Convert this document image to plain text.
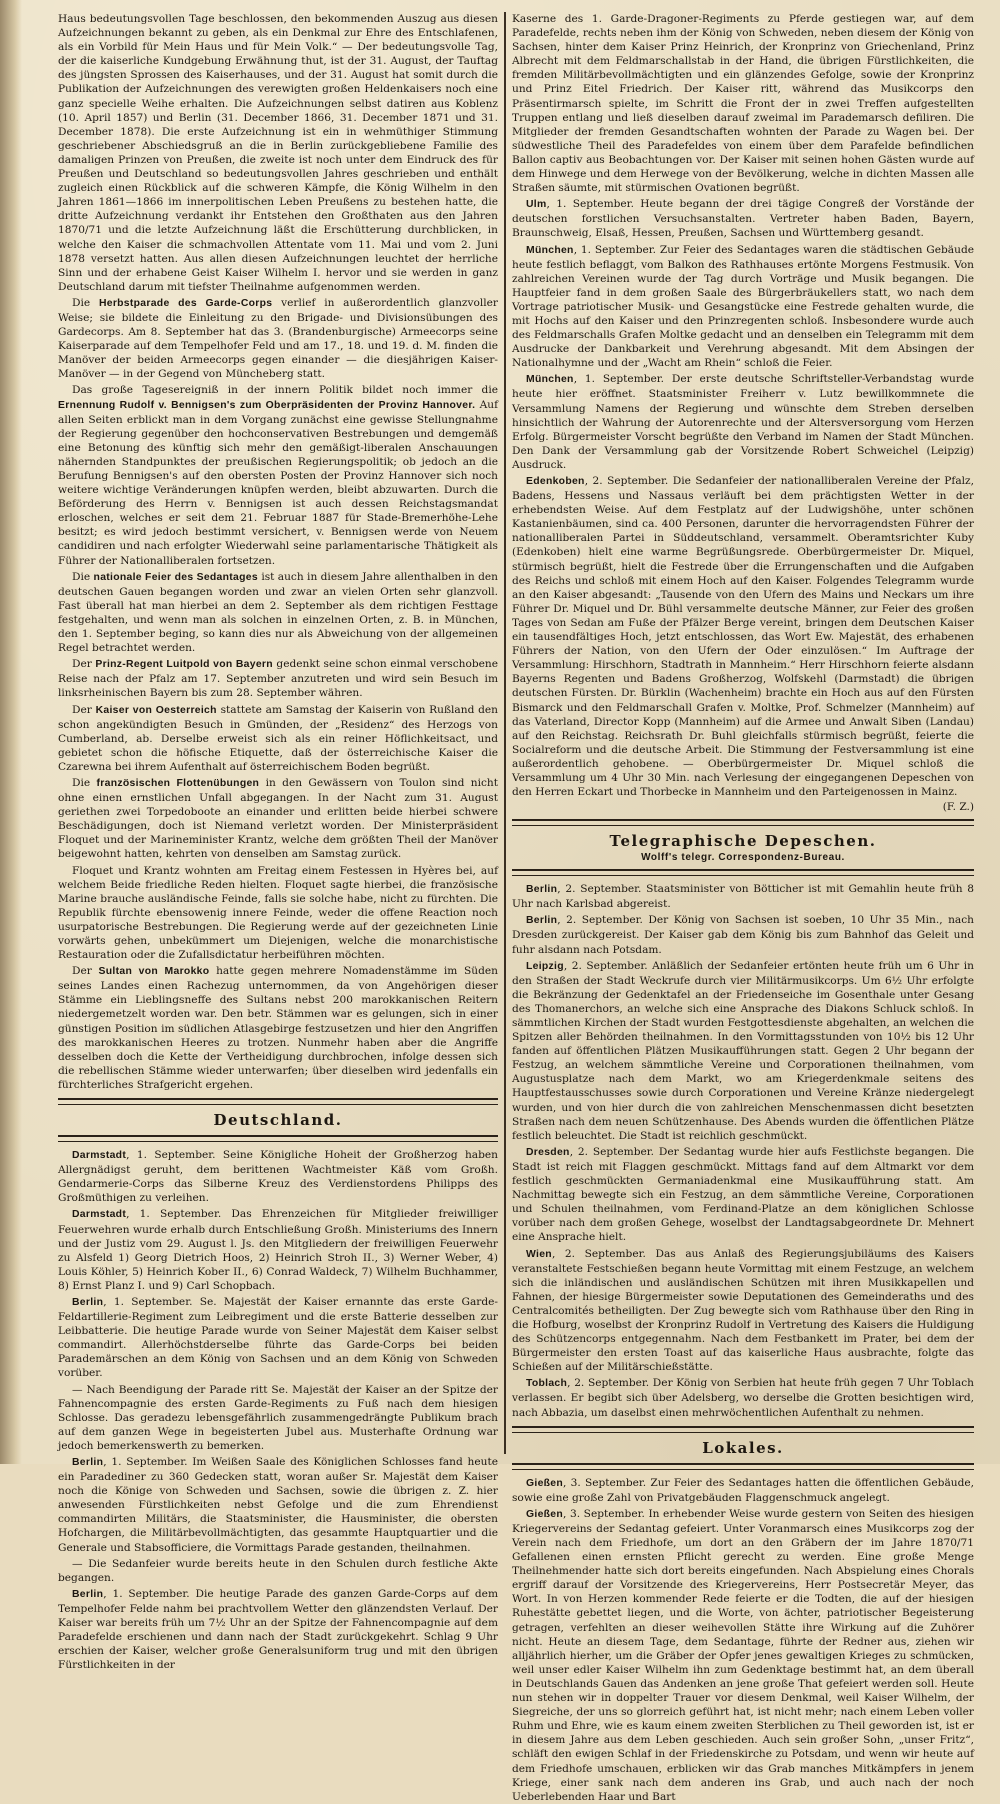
Haus bedeutungsvollen Tage beschlossen, den bekommenden Auszug aus diesen Aufzeichnungen bekannt zu geben, als ein Denkmal zur Ehre des Entschlafenen, als ein Vorbild für Mein Haus und für Mein Volk.“ — Der bedeutungsvolle Tag, der die kaiserliche Kundgebung Erwähnung thut, ist der 31. August, der Tauftag des jüngsten Sprossen des Kaiserhauses, und der 31. August hat somit durch die Publikation der Aufzeichnungen des verewigten großen Heldenkaisers noch eine ganz specielle Weihe erhalten. Die Aufzeichnungen selbst datiren aus Koblenz (10. April 1857) und Berlin (31. December 1866, 31. December 1871 und 31. December 1878). Die erste Aufzeichnung ist ein in wehmüthiger Stimmung geschriebener Abschiedsgruß an die in Berlin zurückgebliebene Familie des damaligen Prinzen von Preußen, die zweite ist noch unter dem Eindruck des für Preußen und Deutschland so bedeutungsvollen Jahres geschrieben und enthält zugleich einen Rückblick auf die schweren Kämpfe, die König Wilhelm in den Jahren 1861—1866 im innerpolitischen Leben Preußens zu bestehen hatte, die dritte Aufzeichnung verdankt ihr Entstehen den Großthaten aus den Jahren 1870/71 und die letzte Aufzeichnung läßt die Erschütterung durchblicken, in welche den Kaiser die schmachvollen Attentate vom 11. Mai und vom 2. Juni 1878 versetzt hatten. Aus allen diesen Aufzeichnungen leuchtet der herrliche Sinn und der erhabene Geist Kaiser Wilhelm I. hervor und sie werden in ganz Deutschland darum mit tiefster Theilnahme aufgenommen werden.

Die Herbstparade des Garde-Corps verlief in außerordentlich glanzvoller Weise; sie bildete die Einleitung zu den Brigade- und Divisionsübungen des Gardecorps. Am 8. September hat das 3. (Brandenburgische) Armeecorps seine Kaiserparade auf dem Tempelhofer Feld und am 17., 18. und 19. d. M. finden die Manöver der beiden Armeecorps gegen einander — die diesjährigen Kaiser-Manöver — in der Gegend von Müncheberg statt.

Das große Tagesereigniß in der innern Politik bildet noch immer die Ernennung Rudolf v. Bennigsen's zum Oberpräsidenten der Provinz Hannover. Auf allen Seiten erblickt man in dem Vorgang zunächst eine gewisse Stellungnahme der Regierung gegenüber den hochconservativen Bestrebungen und demgemäß eine Betonung des künftig sich mehr den gemäßigt-liberalen Anschauungen nähernden Standpunktes der preußischen Regierungspolitik; ob jedoch an die Berufung Bennigsen's auf den obersten Posten der Provinz Hannover sich noch weitere wichtige Veränderungen knüpfen werden, bleibt abzuwarten. Durch die Beförderung des Herrn v. Bennigsen ist auch dessen Reichstagsmandat erloschen, welches er seit dem 21. Februar 1887 für Stade-Bremerhöhe-Lehe besitzt; es wird jedoch bestimmt versichert, v. Bennigsen werde von Neuem candidiren und nach erfolgter Wiederwahl seine parlamentarische Thätigkeit als Führer der Nationalliberalen fortsetzen.

Die nationale Feier des Sedantages ist auch in diesem Jahre allenthalben in den deutschen Gauen begangen worden und zwar an vielen Orten sehr glanzvoll. Fast überall hat man hierbei an dem 2. September als dem richtigen Festtage festgehalten, und wenn man als solchen in einzelnen Orten, z. B. in München, den 1. September beging, so kann dies nur als Abweichung von der allgemeinen Regel betrachtet werden.

Der Prinz-Regent Luitpold von Bayern gedenkt seine schon einmal verschobene Reise nach der Pfalz am 17. September anzutreten und wird sein Besuch im linksrheinischen Bayern bis zum 28. September währen.

Der Kaiser von Oesterreich stattete am Samstag der Kaiserin von Rußland den schon angekündigten Besuch in Gmünden, der „Residenz“ des Herzogs von Cumberland, ab. Derselbe erweist sich als ein reiner Höflichkeitsact, und gebietet schon die höfische Etiquette, daß der österreichische Kaiser die Czarewna bei ihrem Aufenthalt auf österreichischem Boden begrüßt.

Die französischen Flottenübungen in den Gewässern von Toulon sind nicht ohne einen ernstlichen Unfall abgegangen. In der Nacht zum 31. August geriethen zwei Torpedoboote an einander und erlitten beide hierbei schwere Beschädigungen, doch ist Niemand verletzt worden. Der Ministerpräsident Floquet und der Marineminister Krantz, welche dem größten Theil der Manöver beigewohnt hatten, kehrten von denselben am Samstag zurück.

Floquet und Krantz wohnten am Freitag einem Festessen in Hyères bei, auf welchem Beide friedliche Reden hielten. Floquet sagte hierbei, die französische Marine brauche ausländische Feinde, falls sie solche habe, nicht zu fürchten. Die Republik fürchte ebensowenig innere Feinde, weder die offene Reaction noch usurpatorische Bestrebungen. Die Regierung werde auf der gezeichneten Linie vorwärts gehen, unbekümmert um Diejenigen, welche die monarchistische Restauration oder die Zufallsdictatur herbeiführen möchten.

Der Sultan von Marokko hatte gegen mehrere Nomadenstämme im Süden seines Landes einen Rachezug unternommen, da von Angehörigen dieser Stämme ein Lieblingsneffe des Sultans nebst 200 marokkanischen Reitern niedergemetzelt worden war. Den betr. Stämmen war es gelungen, sich in einer günstigen Position im südlichen Atlasgebirge festzusetzen und hier den Angriffen des marokkanischen Heeres zu trotzen. Nunmehr haben aber die Angriffe desselben doch die Kette der Vertheidigung durchbrochen, infolge dessen sich die rebellischen Stämme wieder unterwarfen; über dieselben wird jedenfalls ein fürchterliches Strafgericht ergehen.

Deutschland.

Darmstadt, 1. September. Seine Königliche Hoheit der Großherzog haben Allergnädigst geruht, dem berittenen Wachtmeister Käß vom Großh. Gendarmerie-Corps das Silberne Kreuz des Verdienstordens Philipps des Großmüthigen zu verleihen.

Darmstadt, 1. September. Das Ehrenzeichen für Mitglieder freiwilliger Feuerwehren wurde erhalb durch Entschließung Großh. Ministeriums des Innern und der Justiz vom 29. August l. Js. den Mitgliedern der freiwilligen Feuerwehr zu Alsfeld 1) Georg Dietrich Hoos, 2) Heinrich Stroh II., 3) Werner Weber, 4) Louis Köhler, 5) Heinrich Kober II., 6) Conrad Waldeck, 7) Wilhelm Buchhammer, 8) Ernst Planz I. und 9) Carl Schopbach.

Berlin, 1. September. Se. Majestät der Kaiser ernannte das erste Garde-Feldartillerie-Regiment zum Leibregiment und die erste Batterie desselben zur Leibbatterie. Die heutige Parade wurde von Seiner Majestät dem Kaiser selbst commandirt. Allerhöchstderselbe führte das Garde-Corps bei beiden Parademärschen an dem König von Sachsen und an dem König von Schweden vorüber.

— Nach Beendigung der Parade ritt Se. Majestät der Kaiser an der Spitze der Fahnencompagnie des ersten Garde-Regiments zu Fuß nach dem hiesigen Schlosse. Das geradezu lebensgefährlich zusammengedrängte Publikum brach auf dem ganzen Wege in begeisterten Jubel aus. Musterhafte Ordnung war jedoch bemerkenswerth zu bemerken.

Berlin, 1. September. Im Weißen Saale des Königlichen Schlosses fand heute ein Paradediner zu 360 Gedecken statt, woran außer Sr. Majestät dem Kaiser noch die Könige von Schweden und Sachsen, sowie die übrigen z. Z. hier anwesenden Fürstlichkeiten nebst Gefolge und die zum Ehrendienst commandirten Militärs, die Staatsminister, die Hausminister, die obersten Hofchargen, die Militärbevollmächtigten, das gesammte Hauptquartier und die Generale und Stabsofficiere, die Vormittags Parade gestanden, theilnahmen.

— Die Sedanfeier wurde bereits heute in den Schulen durch festliche Akte begangen.

Berlin, 1. September. Die heutige Parade des ganzen Garde-Corps auf dem Tempelhofer Felde nahm bei prachtvollem Wetter den glänzendsten Verlauf. Der Kaiser war bereits früh um 7½ Uhr an der Spitze der Fahnencompagnie auf dem Paradefelde erschienen und dann nach der Stadt zurückgekehrt. Schlag 9 Uhr erschien der Kaiser, welcher große Generalsuniform trug und mit den übrigen Fürstlichkeiten in der

Kaserne des 1. Garde-Dragoner-Regiments zu Pferde gestiegen war, auf dem Paradefelde, rechts neben ihm der König von Schweden, neben diesem der König von Sachsen, hinter dem Kaiser Prinz Heinrich, der Kronprinz von Griechenland, Prinz Albrecht mit dem Feldmarschallstab in der Hand, die übrigen Fürstlichkeiten, die fremden Militärbevollmächtigten und ein glänzendes Gefolge, sowie der Kronprinz und Prinz Eitel Friedrich. Der Kaiser ritt, während das Musikcorps den Präsentirmarsch spielte, im Schritt die Front der in zwei Treffen aufgestellten Truppen entlang und ließ dieselben darauf zweimal im Parademarsch defiliren. Die Mitglieder der fremden Gesandtschaften wohnten der Parade zu Wagen bei. Der südwestliche Theil des Paradefeldes von einem über dem Parafelde befindlichen Ballon captiv aus Beobachtungen vor. Der Kaiser mit seinen hohen Gästen wurde auf dem Hinwege und dem Herwege von der Bevölkerung, welche in dichten Massen alle Straßen säumte, mit stürmischen Ovationen begrüßt.

Ulm, 1. September. Heute begann der drei tägige Congreß der Vorstände der deutschen forstlichen Versuchsanstalten. Vertreter haben Baden, Bayern, Braunschweig, Elsaß, Hessen, Preußen, Sachsen und Württemberg gesandt.

München, 1. September. Zur Feier des Sedantages waren die städtischen Gebäude heute festlich beflaggt, vom Balkon des Rathhauses ertönte Morgens Festmusik. Von zahlreichen Vereinen wurde der Tag durch Vorträge und Musik begangen. Die Hauptfeier fand in dem großen Saale des Bürgerbräukellers statt, wo nach dem Vortrage patriotischer Musik- und Gesangstücke eine Festrede gehalten wurde, die mit Hochs auf den Kaiser und den Prinzregenten schloß. Insbesondere wurde auch des Feldmarschalls Grafen Moltke gedacht und an denselben ein Telegramm mit dem Ausdrucke der Dankbarkeit und Verehrung abgesandt. Mit dem Absingen der Nationalhymne und der „Wacht am Rhein“ schloß die Feier.

München, 1. September. Der erste deutsche Schriftsteller-Verbandstag wurde heute hier eröffnet. Staatsminister Freiherr v. Lutz bewillkommnete die Versammlung Namens der Regierung und wünschte dem Streben derselben hinsichtlich der Wahrung der Autorenrechte und der Altersversorgung vom Herzen Erfolg. Bürgermeister Vorscht begrüßte den Verband im Namen der Stadt München. Den Dank der Versammlung gab der Vorsitzende Robert Schweichel (Leipzig) Ausdruck.

Edenkoben, 2. September. Die Sedanfeier der nationalliberalen Vereine der Pfalz, Badens, Hessens und Nassaus verläuft bei dem prächtigsten Wetter in der erhebendsten Weise. Auf dem Festplatz auf der Ludwigshöhe, unter schönen Kastanienbäumen, sind ca. 400 Personen, darunter die hervorragendsten Führer der nationalliberalen Partei in Süddeutschland, versammelt. Oberamtsrichter Kuby (Edenkoben) hielt eine warme Begrüßungsrede. Oberbürgermeister Dr. Miquel, stürmisch begrüßt, hielt die Festrede über die Errungenschaften und die Aufgaben des Reichs und schloß mit einem Hoch auf den Kaiser. Folgendes Telegramm wurde an den Kaiser abgesandt: „Tausende von den Ufern des Mains und Neckars um ihre Führer Dr. Miquel und Dr. Bühl versammelte deutsche Männer, zur Feier des großen Tages von Sedan am Fuße der Pfälzer Berge vereint, bringen dem Deutschen Kaiser ein tausendfältiges Hoch, jetzt entschlossen, das Wort Ew. Majestät, des erhabenen Führers der Nation, von den Ufern der Oder einzulösen.“ Im Auftrage der Versammlung: Hirschhorn, Stadtrath in Mannheim.“ Herr Hirschhorn feierte alsdann Bayerns Regenten und Badens Großherzog, Wolfskehl (Darmstadt) die übrigen deutschen Fürsten. Dr. Bürklin (Wachenheim) brachte ein Hoch aus auf den Fürsten Bismarck und den Feldmarschall Grafen v. Moltke, Prof. Schmelzer (Mannheim) auf das Vaterland, Director Kopp (Mannheim) auf die Armee und Anwalt Siben (Landau) auf den Reichstag. Reichsrath Dr. Buhl gleichfalls stürmisch begrüßt, feierte die Socialreform und die deutsche Arbeit. Die Stimmung der Festversammlung ist eine außerordentlich gehobene. — Oberbürgermeister Dr. Miquel schloß die Versammlung um 4 Uhr 30 Min. nach Verlesung der eingegangenen Depeschen von den Herren Eckart und Thorbecke in Mannheim und den Parteigenossen in Mainz.

(F. Z.)
Telegraphische Depeschen.
Wolff's telegr. Correspondenz-Bureau.

Berlin, 2. September. Staatsminister von Bötticher ist mit Gemahlin heute früh 8 Uhr nach Karlsbad abgereist.

Berlin, 2. September. Der König von Sachsen ist soeben, 10 Uhr 35 Min., nach Dresden zurückgereist. Der Kaiser gab dem König bis zum Bahnhof das Geleit und fuhr alsdann nach Potsdam.

Leipzig, 2. September. Anläßlich der Sedanfeier ertönten heute früh um 6 Uhr in den Straßen der Stadt Weckrufe durch vier Militärmusikcorps. Um 6½ Uhr erfolgte die Bekränzung der Gedenktafel an der Friedenseiche im Gosenthale unter Gesang des Thomanerchors, an welche sich eine Ansprache des Diakons Schluck schloß. In sämmtlichen Kirchen der Stadt wurden Festgottesdienste abgehalten, an welchen die Spitzen aller Behörden theilnahmen. In den Vormittagsstunden von 10½ bis 12 Uhr fanden auf öffentlichen Plätzen Musikaufführungen statt. Gegen 2 Uhr begann der Festzug, an welchem sämmtliche Vereine und Corporationen theilnahmen, vom Augustusplatze nach dem Markt, wo am Kriegerdenkmale seitens des Hauptfestausschusses sowie durch Corporationen und Vereine Kränze niedergelegt wurden, und von hier durch die von zahlreichen Menschenmassen dicht besetzten Straßen nach dem neuen Schützenhause. Des Abends wurden die öffentlichen Plätze festlich beleuchtet. Die Stadt ist reichlich geschmückt.

Dresden, 2. September. Der Sedantag wurde hier aufs Festlichste begangen. Die Stadt ist reich mit Flaggen geschmückt. Mittags fand auf dem Altmarkt vor dem festlich geschmückten Germaniadenkmal eine Musikaufführung statt. Am Nachmittag bewegte sich ein Festzug, an dem sämmtliche Vereine, Corporationen und Schulen theilnahmen, vom Ferdinand-Platze an dem königlichen Schlosse vorüber nach dem großen Gehege, woselbst der Landtagsabgeordnete Dr. Mehnert eine Ansprache hielt.

Wien, 2. September. Das aus Anlaß des Regierungsjubiläums des Kaisers veranstaltete Festschießen begann heute Vormittag mit einem Festzuge, an welchem sich die inländischen und ausländischen Schützen mit ihren Musikkapellen und Fahnen, der hiesige Bürgermeister sowie Deputationen des Gemeinderaths und des Centralcomités betheiligten. Der Zug bewegte sich vom Rathhause über den Ring in die Hofburg, woselbst der Kronprinz Rudolf in Vertretung des Kaisers die Huldigung des Schützencorps entgegennahm. Nach dem Festbankett im Prater, bei dem der Bürgermeister den ersten Toast auf das kaiserliche Haus ausbrachte, folgte das Schießen auf der Militärschießstätte.

Toblach, 2. September. Der König von Serbien hat heute früh gegen 7 Uhr Toblach verlassen. Er begibt sich über Adelsberg, wo derselbe die Grotten besichtigen wird, nach Abbazia, um daselbst einen mehrwöchentlichen Aufenthalt zu nehmen.

Lokales.

Gießen, 3. September. Zur Feier des Sedantages hatten die öffentlichen Gebäude, sowie eine große Zahl von Privatgebäuden Flaggenschmuck angelegt.

Gießen, 3. September. In erhebender Weise wurde gestern von Seiten des hiesigen Kriegervereins der Sedantag gefeiert. Unter Voranmarsch eines Musikcorps zog der Verein nach dem Friedhofe, um dort an den Gräbern der im Jahre 1870/71 Gefallenen einen ernsten Pflicht gerecht zu werden. Eine große Menge Theilnehmender hatte sich dort bereits eingefunden. Nach Abspielung eines Chorals ergriff darauf der Vorsitzende des Kriegervereins, Herr Postsecretär Meyer, das Wort. In von Herzen kommender Rede feierte er die Todten, die auf der hiesigen Ruhestätte gebettet liegen, und die Worte, von ächter, patriotischer Begeisterung getragen, verfehlten an dieser weihevollen Stätte ihre Wirkung auf die Zuhörer nicht. Heute an diesem Tage, dem Sedantage, führte der Redner aus, ziehen wir alljährlich hierher, um die Gräber der Opfer jenes gewaltigen Krieges zu schmücken, weil unser edler Kaiser Wilhelm ihn zum Gedenktage bestimmt hat, an dem überall in Deutschlands Gauen das Andenken an jene große That gefeiert werden soll. Heute nun stehen wir in doppelter Trauer vor diesem Denkmal, weil Kaiser Wilhelm, der Siegreiche, der uns so glorreich geführt hat, ist nicht mehr; nach einem Leben voller Ruhm und Ehre, wie es kaum einem zweiten Sterblichen zu Theil geworden ist, ist er in diesem Jahre aus dem Leben geschieden. Auch sein großer Sohn, „unser Fritz“, schläft den ewigen Schlaf in der Friedenskirche zu Potsdam, und wenn wir heute auf dem Friedhofe umschauen, erblicken wir das Grab manches Mitkämpfers in jenem Kriege, einer sank nach dem anderen ins Grab, und auch nach der noch Ueberlebenden Haar und Bart
